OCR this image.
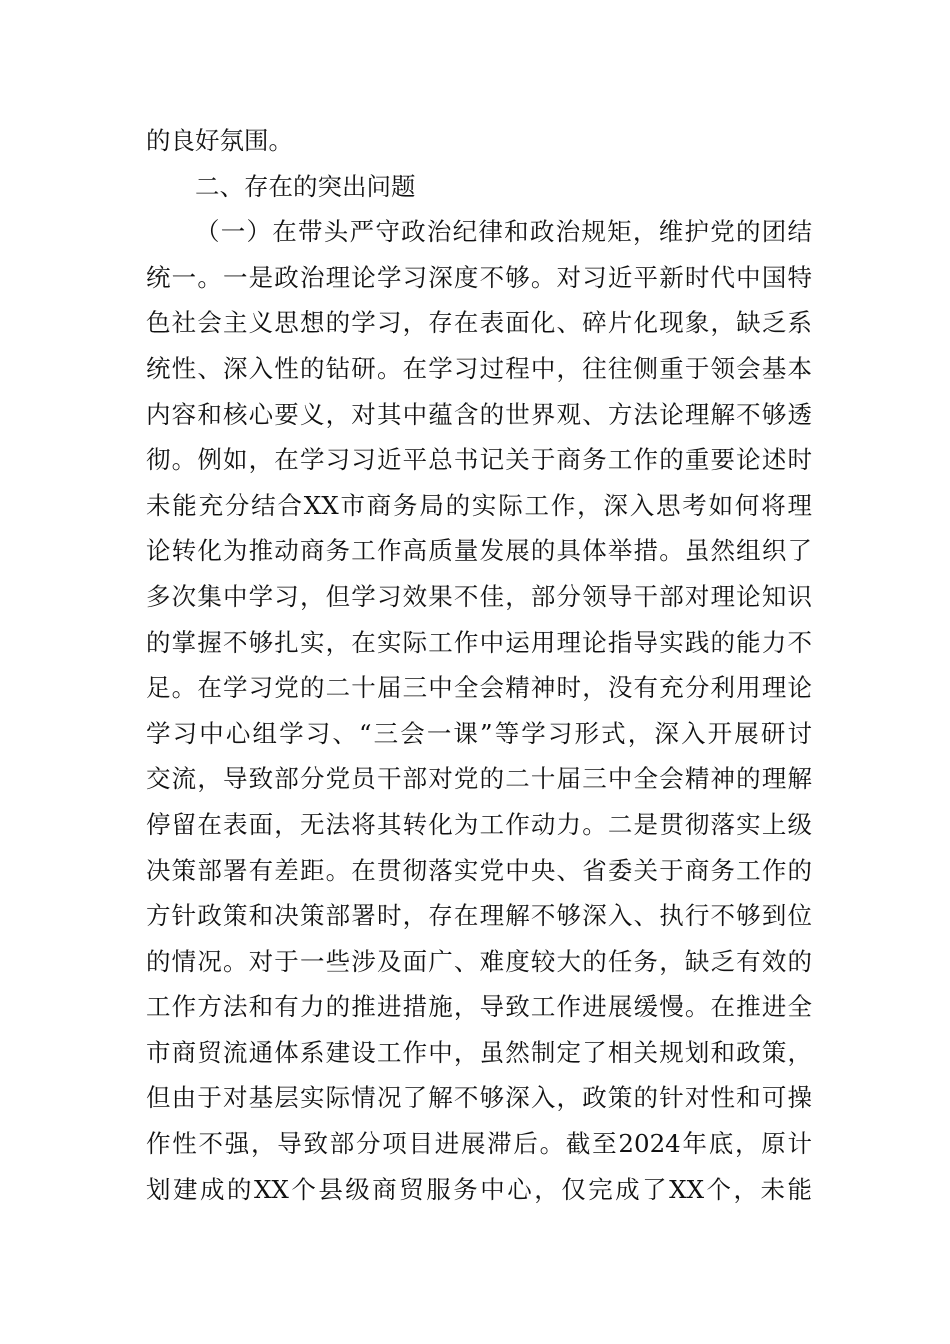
的良好氛围。
二、存在的突出问题
（一）在带头严守政治纪律和政治规矩，维护党的团结
统一。一是政治理论学习深度不够。对习近平新时代中国特
色社会主义思想的学习，存在表面化、碎片化现象，缺乏系
统性、深入性的钻研。在学习过程中，往往侧重于领会基本
内容和核心要义，对其中蕴含的世界观、方法论理解不够透
彻。例如，在学习习近平总书记关于商务工作的重要论述时
未能充分结合XX市商务局的实际工作，深入思考如何将理
论转化为推动商务工作高质量发展的具体举措。虽然组织了
多次集中学习，但学习效果不佳，部分领导干部对理论知识
的掌握不够扎实，在实际工作中运用理论指导实践的能力不
足。在学习党的二十届三中全会精神时，没有充分利用理论
学习中心组学习、“三会一课”等学习形式，深入开展研讨
交流，导致部分党员干部对党的二十届三中全会精神的理解
停留在表面，无法将其转化为工作动力。二是贯彻落实上级
决策部署有差距。在贯彻落实党中央、省委关于商务工作的
方针政策和决策部署时，存在理解不够深入、执行不够到位
的情况。对于一些涉及面广、难度较大的任务，缺乏有效的
工作方法和有力的推进措施，导致工作进展缓慢。在推进全
市商贸流通体系建设工作中，虽然制定了相关规划和政策，
但由于对基层实际情况了解不够深入，政策的针对性和可操
作性不强，导致部分项目进展滞后。截至2024年底，原计
划建成的XX个县级商贸服务中心，仅完成了XX个，未能
